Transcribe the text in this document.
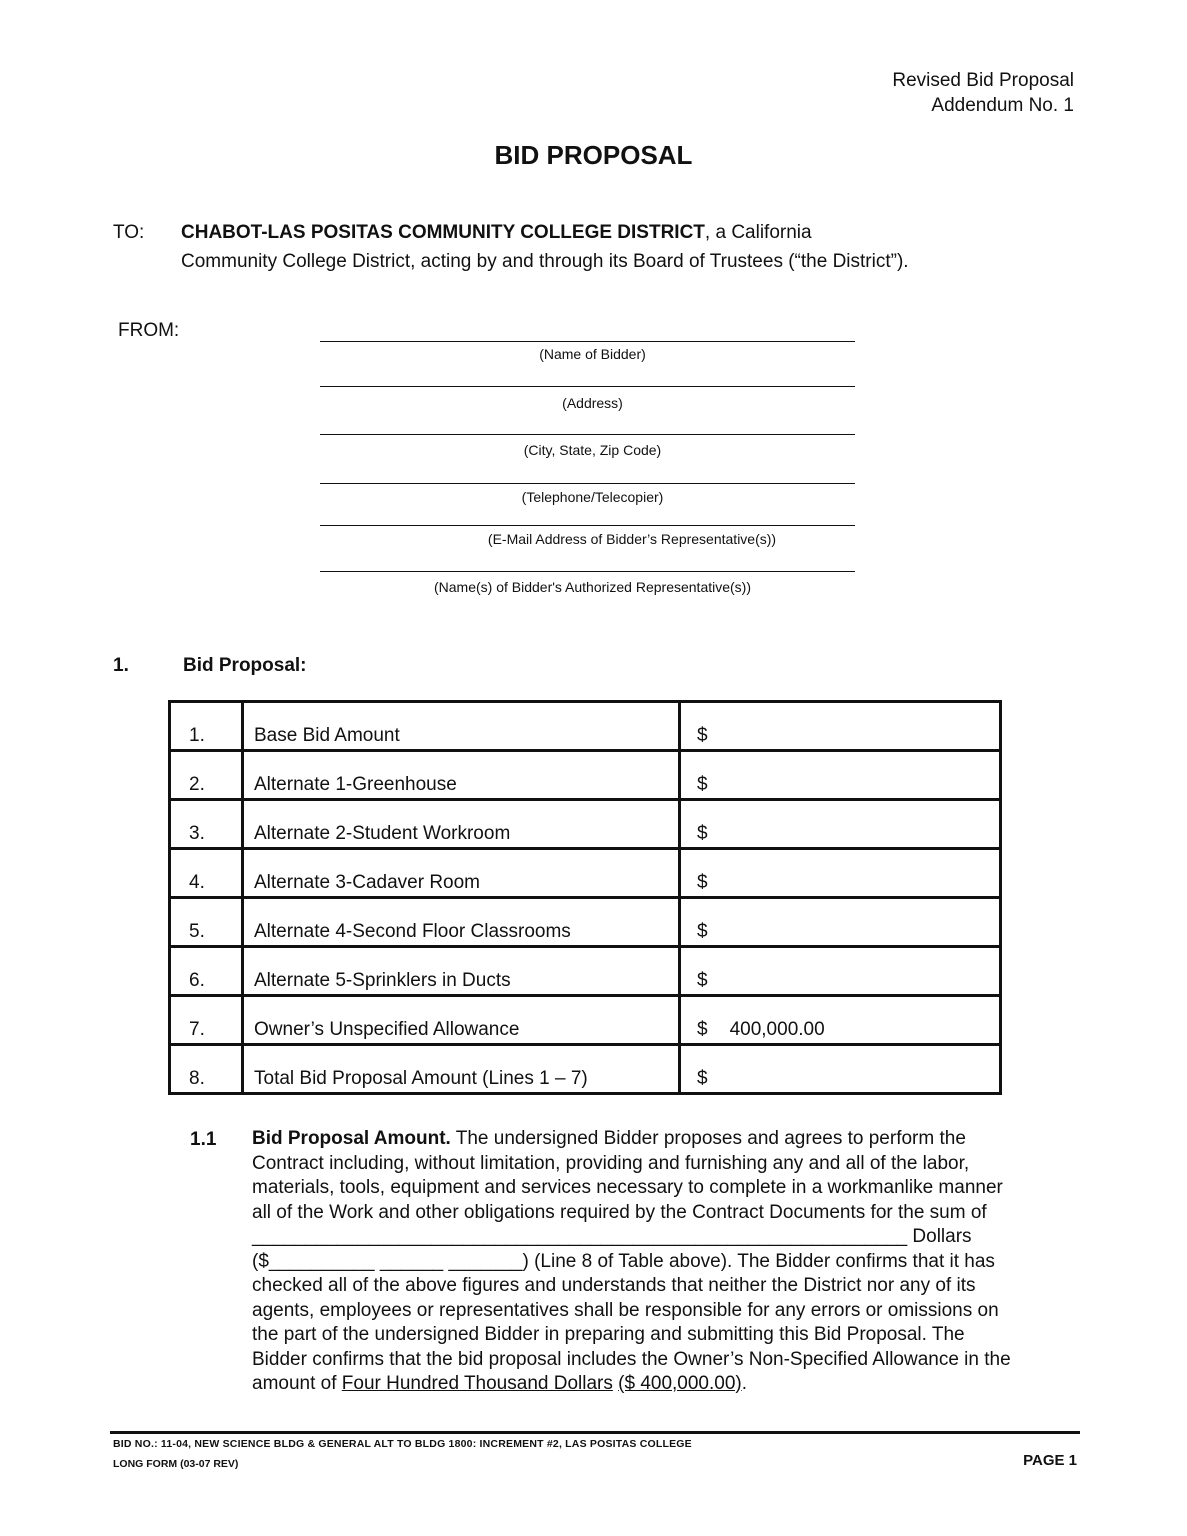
Revised Bid Proposal
Addendum No. 1
BID PROPOSAL
TO: CHABOT-LAS POSITAS COMMUNITY COLLEGE DISTRICT, a California
Community College District, acting by and through its Board of Trustees (“the District”).
FROM:
(Name of Bidder)
(Address)
(City, State, Zip Code)
(Telephone/Telecopier)
(E-Mail Address of Bidder’s Representative(s))
(Name(s) of Bidder's Authorized Representative(s))
1.	Bid Proposal:
1.	Base Bid Amount	$
2.	Alternate 1-Greenhouse	$
3.	Alternate 2-Student Workroom	$
4.	Alternate 3-Cadaver Room	$
5.	Alternate 4-Second Floor Classrooms	$
6.	Alternate 5-Sprinklers in Ducts	$
7.	Owner’s Unspecified Allowance	$ 400,000.00
8.	Total Bid Proposal Amount (Lines 1 – 7)	$
1.1 Bid Proposal Amount. The undersigned Bidder proposes and agrees to perform the
Contract including, without limitation, providing and furnishing any and all of the labor,
materials, tools, equipment and services necessary to complete in a workmanlike manner
all of the Work and other obligations required by the Contract Documents for the sum of
______________________________________________________________ Dollars
($__________ ______ _______) (Line 8 of Table above). The Bidder confirms that it has
checked all of the above figures and understands that neither the District nor any of its
agents, employees or representatives shall be responsible for any errors or omissions on
the part of the undersigned Bidder in preparing and submitting this Bid Proposal. The
Bidder confirms that the bid proposal includes the Owner’s Non-Specified Allowance in the
amount of Four Hundred Thousand Dollars ($ 400,000.00).
BID NO.: 11-04, NEW SCIENCE BLDG & GENERAL ALT TO BLDG 1800: INCREMENT #2, LAS POSITAS COLLEGE
LONG FORM (03-07 REV)	PAGE 1
